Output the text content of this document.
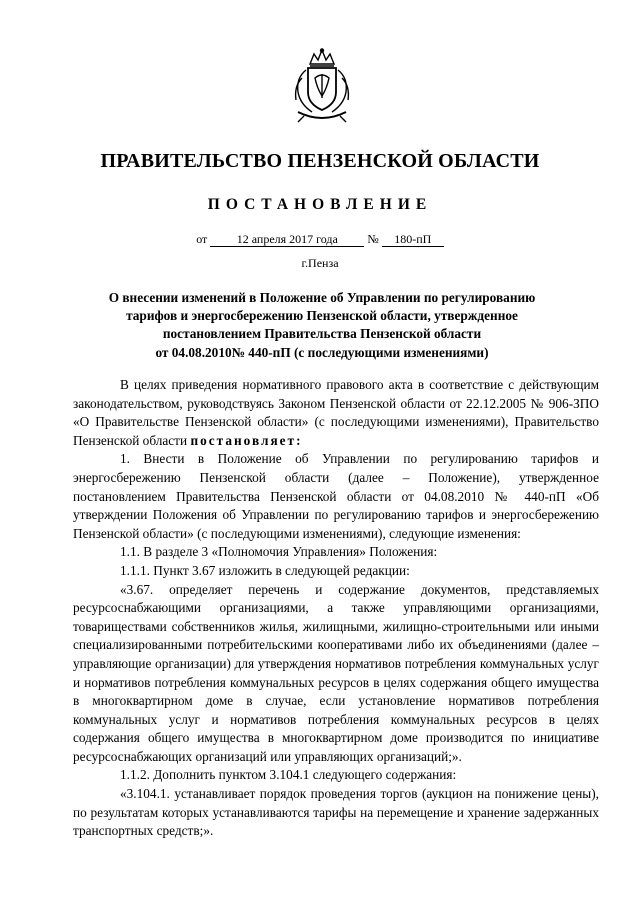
ПРАВИТЕЛЬСТВО ПЕНЗЕНСКОЙ ОБЛАСТИ
ПОСТАНОВЛЕНИЕ
от 12 апреля 2017 года № 180-пП
г.Пенза
О внесении изменений в Положение об Управлении по регулированию
тарифов и энергосбережению Пензенской области, утвержденное
постановлением Правительства Пензенской области
от 04.08.2010№ 440-пП (с последующими изменениями)

В целях приведения нормативного правового акта в соответствие с действующим законодательством, руководствуясь Законом Пензенской области от 22.12.2005 № 906-ЗПО «О Правительстве Пензенской области» (с последующими изменениями), Правительство Пензенской области постановляет:

1. Внести в Положение об Управлении по регулированию тарифов и энергосбережению Пензенской области (далее – Положение), утвержденное постановлением Правительства Пензенской области от 04.08.2010 № 440-пП «Об утверждении Положения об Управлении по регулированию тарифов и энергосбережению Пензенской области» (с последующими изменениями), следующие изменения:

1.1. В разделе 3 «Полномочия Управления» Положения:

1.1.1. Пункт 3.67 изложить в следующей редакции:

«3.67. определяет перечень и содержание документов, представляемых ресурсоснабжающими организациями, а также управляющими организациями, товариществами собственников жилья, жилищными, жилищно-строительными или иными специализированными потребительскими кооперативами либо их объединениями (далее – управляющие организации) для утверждения нормативов потребления коммунальных услуг и нормативов потребления коммунальных ресурсов в целях содержания общего имущества в многоквартирном доме в случае, если установление нормативов потребления коммунальных услуг и нормативов потребления коммунальных ресурсов в целях содержания общего имущества в многоквартирном доме производится по инициативе ресурсоснабжающих организаций или управляющих организаций;».

1.1.2. Дополнить пунктом 3.104.1 следующего содержания:

«3.104.1. устанавливает порядок проведения торгов (аукцион на понижение цены), по результатам которых устанавливаются тарифы на перемещение и хранение задержанных транспортных средств;».
